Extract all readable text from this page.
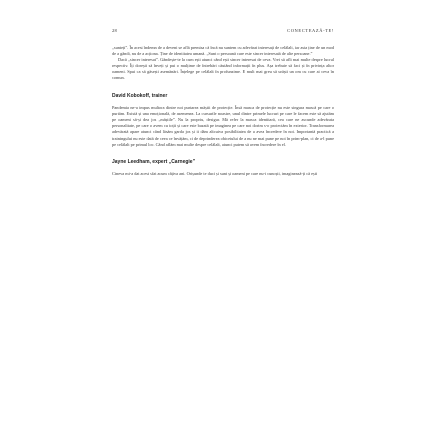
28	CONECTEAZĂ-TE!

„sunteți”. În acest îndemn de a deveni se află premisa că încă nu suntem cu adevărat interesați de celălalt, iar asta ține de un mod de a gândi, nu de a acționa. Ține de identitatea umană. „Sunt o persoană care este sincer interesată de alte persoane.”

Dacă „sincer interesat”. Gândește-te la cum ești atunci când ești sincer interesat de ceva. Vrei să afli mai multe despre lucrul respectiv. Îți dorești să înveți și pui o mulțime de întrebări căutând informații în plus. Așa trebuie să faci și în privința altor oameni. Spui ca să găsești asemănări. Înțelege pe celălalt în profunzime. E mult mai greu să urăști un om cu care ai ceva în comun.

David Kobokoff, trainer

Pandemia ne-a impus multora dintre noi purtarea măștii de protecție. Însă masca de protecție nu este singura mască pe care o purtăm. Există și una emoțională, de asemenea. La cursurile noastre, unul dintre primele lucruri pe care le facem este să ajutăm pe oameni să-și dea jos „măștile”. Nu la propriu, desigur. Mă refer la masca identitară, cea care ne ascunde adevărata personalitate, pe care o avem cu toții și care este bazată pe imaginea pe care noi dorim s-o proiectăm în exterior. Transformarea adevărată apare atunci când lăsăm garda jos și ii dăm altcuiva posibilitatea de a avea încredere în noi. Importantă practică a trainingului nu este dată de ceea ce învățăm, ci de deprinderea obiceiului de a nu ne mai pune pe noi în prim-plan, ci de a-l pune pe celălalt pe primul loc. Când aflăm mai multe despre celălalt, atunci putem să avem încredere în el.

Jayne Leedham, expert „Carnegie”

Cineva mi-a dat acest sfat acum câțiva ani. Orișunde te duci și sunt și oameni pe care nu-i cunoști, imaginează-ți că ești
